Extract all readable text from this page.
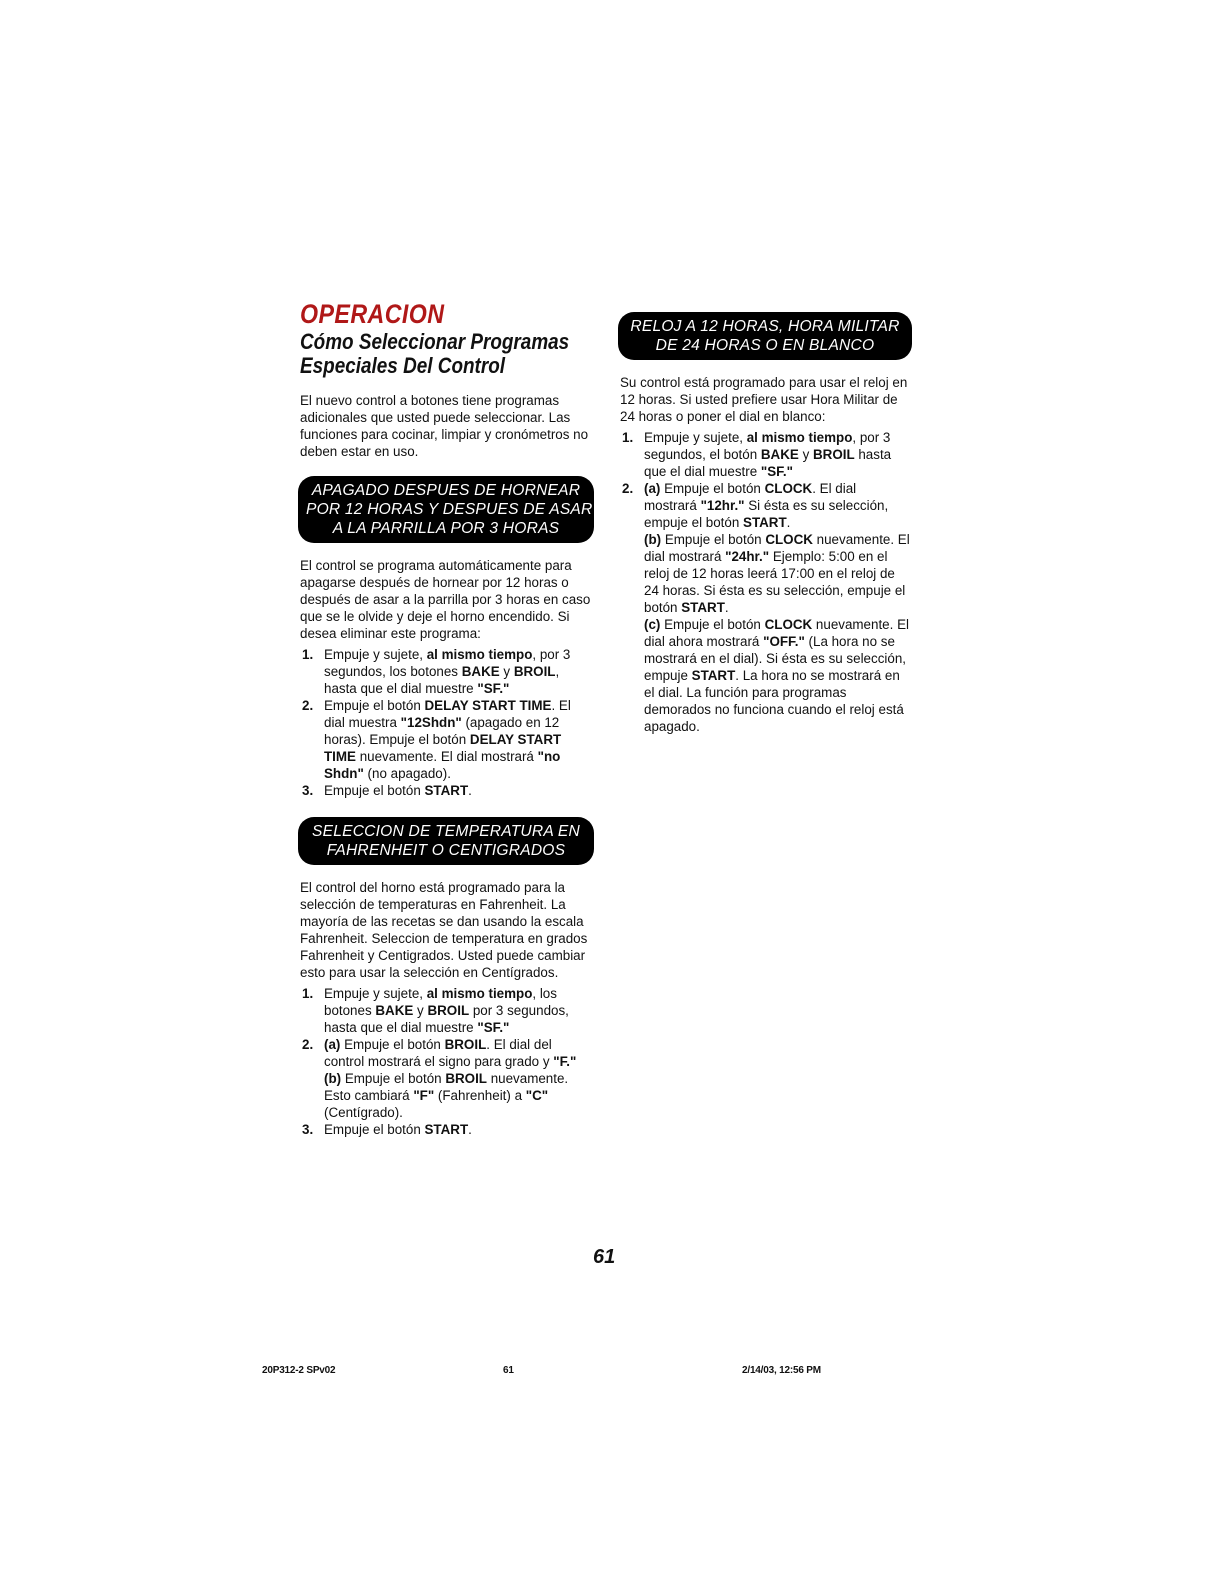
OPERACION
Cómo Seleccionar Programas
Especiales Del Control

El nuevo control a botones tiene programas adicionales que usted puede seleccionar. Las funciones para cocinar, limpiar y cronómetros no deben estar en uso.

APAGADO DESPUES DE HORNEAR
POR 12 HORAS Y DESPUES DE ASAR
A LA PARRILLA POR 3 HORAS

El control se programa automáticamente para apagarse después de hornear por 12 horas o después de asar a la parrilla por 3 horas en caso que se le olvide y deje el horno encendido. Si desea eliminar este programa:

1. Empuje y sujete, al mismo tiempo, por 3 segundos, los botones BAKE y BROIL, hasta que el dial muestre "SF."
2. Empuje el botón DELAY START TIME. El dial muestra "12Shdn" (apagado en 12 horas). Empuje el botón DELAY START TIME nuevamente. El dial mostrará "no Shdn" (no apagado).
3. Empuje el botón START.
SELECCION DE TEMPERATURA EN
FAHRENHEIT O CENTIGRADOS

El control del horno está programado para la selección de temperaturas en Fahrenheit. La mayoría de las recetas se dan usando la escala Fahrenheit. Seleccion de temperatura en grados Fahrenheit y Centigrados. Usted puede cambiar esto para usar la selección en Centígrados.

1. Empuje y sujete, al mismo tiempo, los botones BAKE y BROIL por 3 segundos, hasta que el dial muestre "SF."
2. (a) Empuje el botón BROIL. El dial del control mostrará el signo para grado y "F."
(b) Empuje el botón BROIL nuevamente. Esto cambiará "F" (Fahrenheit) a "C" (Centígrado).
3. Empuje el botón START.
RELOJ A 12 HORAS, HORA MILITAR
DE 24 HORAS O EN BLANCO

Su control está programado para usar el reloj en 12 horas. Si usted prefiere usar Hora Militar de 24 horas o poner el dial en blanco:

1. Empuje y sujete, al mismo tiempo, por 3 segundos, el botón BAKE y BROIL hasta que el dial muestre "SF."
2. (a) Empuje el botón CLOCK. El dial mostrará "12hr." Si ésta es su selección, empuje el botón START.
(b) Empuje el botón CLOCK nuevamente. El dial mostrará "24hr." Ejemplo: 5:00 en el reloj de 12 horas leerá 17:00 en el reloj de 24 horas. Si ésta es su selección, empuje el botón START.
(c) Empuje el botón CLOCK nuevamente. El dial ahora mostrará "OFF." (La hora no se mostrará en el dial). Si ésta es su selección, empuje START. La hora no se mostrará en el dial. La función para programas demorados no funciona cuando el reloj está apagado.
61
20P312-2 SPv02	61	2/14/03, 12:56 PM
